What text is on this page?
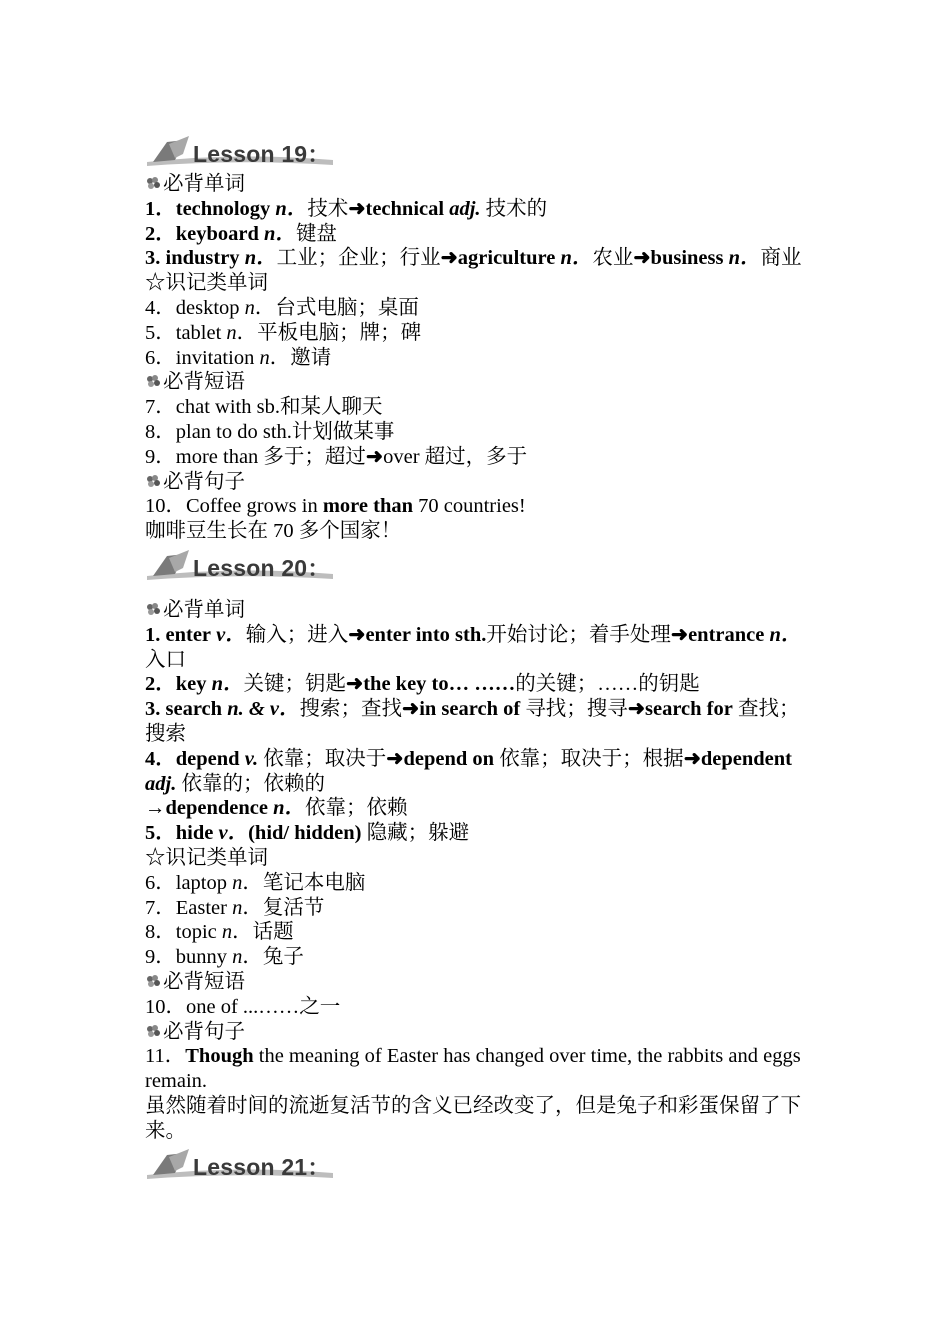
Lesson 19：
必背单词
1．technology n．技术➜technical adj. 技术的
2．keyboard n．键盘
3. industry n．工业；企业；行业➜agriculture n．农业➜business n．商业
☆识记类单词
4．desktop n．台式电脑；桌面
5．tablet n．平板电脑；牌；碑
6．invitation n．邀请
必背短语
7．chat with sb.和某人聊天
8．plan to do sth.计划做某事
9．more than 多于；超过➜over 超过，多于
必背句子
10．Coffee grows in more than 70 countries!
咖啡豆生长在 70 多个国家！
Lesson 20：
必背单词
1. enter v．输入；进入➜enter into sth.开始讨论；着手处理➜entrance n．入口
2．key n．关键；钥匙➜the key to… ……的关键；……的钥匙
3. search n. & v．搜索；查找➜in search of 寻找；搜寻➜search for 查找；搜索
4．depend v. 依靠；取决于➜depend on 依靠；取决于；根据➜dependent adj. 依靠的；依赖的
→dependence n．依靠；依赖
5．hide v．(hid/ hidden) 隐藏；躲避
☆识记类单词
6．laptop n．笔记本电脑
7．Easter n．复活节
8．topic n．话题
9．bunny n．兔子
必背短语
10．one of ...……之一
必背句子
11．Though the meaning of Easter has changed over time, the rabbits and eggs remain.
虽然随着时间的流逝复活节的含义已经改变了，但是兔子和彩蛋保留了下来。
Lesson 21：
